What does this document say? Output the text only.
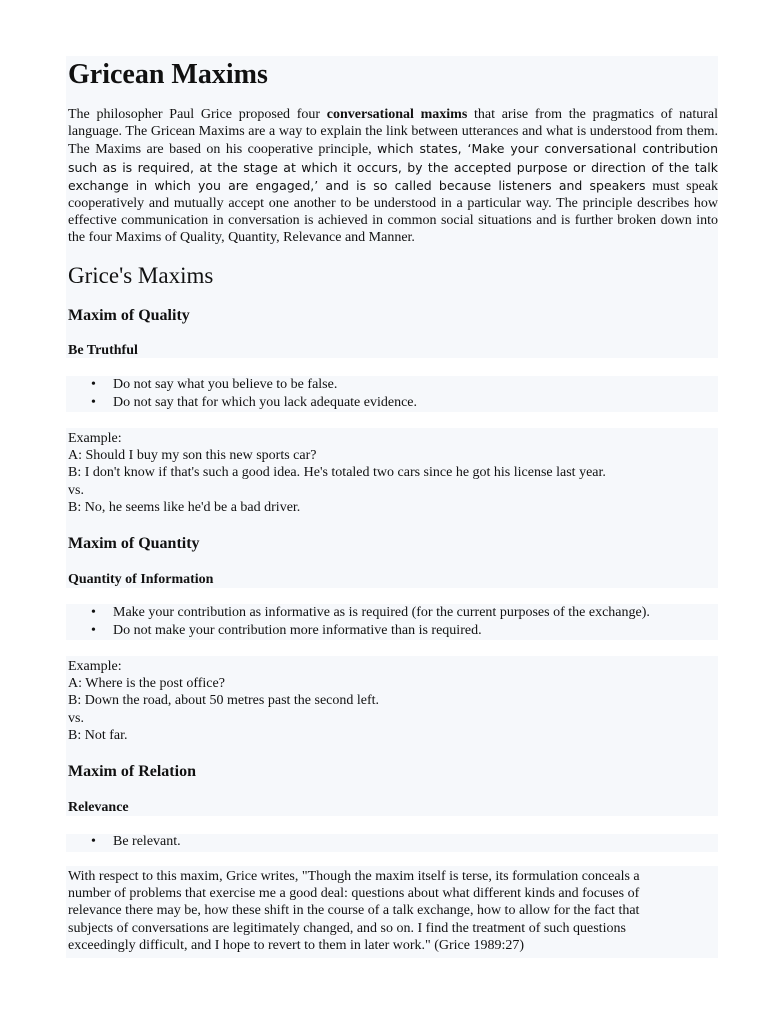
Gricean Maxims

The philosopher Paul Grice proposed four conversational maxims that arise from the pragmatics of natural language. The Gricean Maxims are a way to explain the link between utterances and what is understood from them. The Maxims are based on his cooperative principle, which states, ‘Make your conversational contribution such as is required, at the stage at which it occurs, by the accepted purpose or direction of the talk exchange in which you are engaged,’ and is so called because listeners and speakers must speak cooperatively and mutually accept one another to be understood in a particular way. The principle describes how effective communication in conversation is achieved in common social situations and is further broken down into the four Maxims of Quality, Quantity, Relevance and Manner.

Grice's Maxims
Maxim of Quality
Be Truthful
• Do not say what you believe to be false.
• Do not say that for which you lack adequate evidence.
Example:
A: Should I buy my son this new sports car?
B: I don't know if that's such a good idea. He's totaled two cars since he got his license last year.
vs.
B: No, he seems like he'd be a bad driver.
Maxim of Quantity
Quantity of Information
• Make your contribution as informative as is required (for the current purposes of the exchange).
• Do not make your contribution more informative than is required.
Example:
A: Where is the post office?
B: Down the road, about 50 metres past the second left.
vs.
B: Not far.
Maxim of Relation
Relevance
• Be relevant.
With respect to this maxim, Grice writes, "Though the maxim itself is terse, its formulation conceals a
number of problems that exercise me a good deal: questions about what different kinds and focuses of
relevance there may be, how these shift in the course of a talk exchange, how to allow for the fact that
subjects of conversations are legitimately changed, and so on. I find the treatment of such questions
exceedingly difficult, and I hope to revert to them in later work." (Grice 1989:27)
